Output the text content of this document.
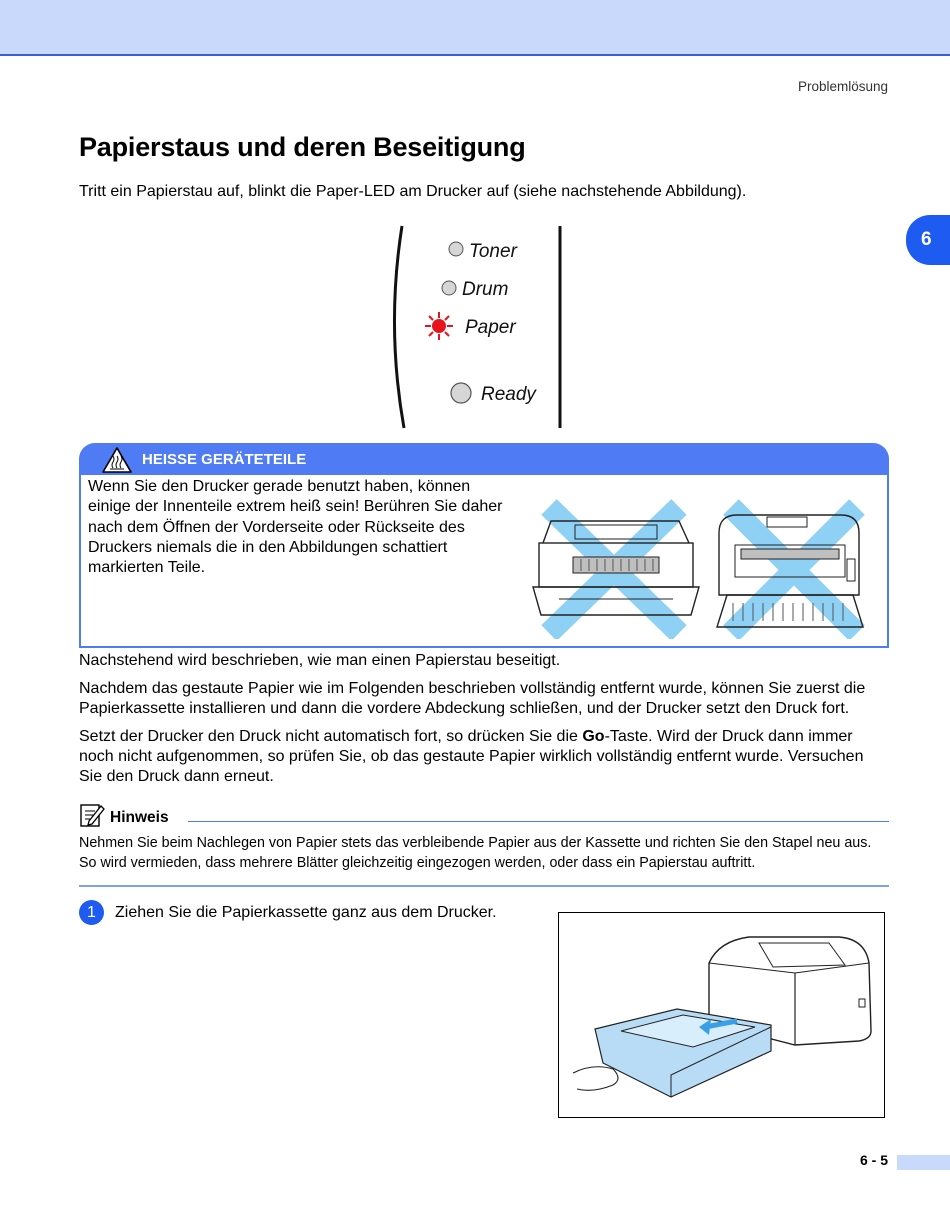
Problemlösung
6
Papierstaus und deren Beseitigung

Tritt ein Papierstau auf, blinkt die Paper-LED am Drucker auf (siehe nachstehende Abbildung).

Toner
Drum
Paper
Ready
HEISSE GERÄTETEILE

Wenn Sie den Drucker gerade benutzt haben, können einige der Innenteile extrem heiß sein! Berühren Sie daher nach dem Öffnen der Vorderseite oder Rückseite des Druckers niemals die in den Abbildungen schattiert markierten Teile.

Nachstehend wird beschrieben, wie man einen Papierstau beseitigt.

Nachdem das gestaute Papier wie im Folgenden beschrieben vollständig entfernt wurde, können Sie zuerst die Papierkassette installieren und dann die vordere Abdeckung schließen, und der Drucker setzt den Druck fort.

Setzt der Drucker den Druck nicht automatisch fort, so drücken Sie die Go-Taste. Wird der Druck dann immer noch nicht aufgenommen, so prüfen Sie, ob das gestaute Papier wirklich vollständig entfernt wurde. Versuchen Sie den Druck dann erneut.

Hinweis

Nehmen Sie beim Nachlegen von Papier stets das verbleibende Papier aus der Kassette und richten Sie den Stapel neu aus. So wird vermieden, dass mehrere Blätter gleichzeitig eingezogen werden, oder dass ein Papierstau auftritt.

1	Ziehen Sie die Papierkassette ganz aus dem Drucker.

6 - 5
